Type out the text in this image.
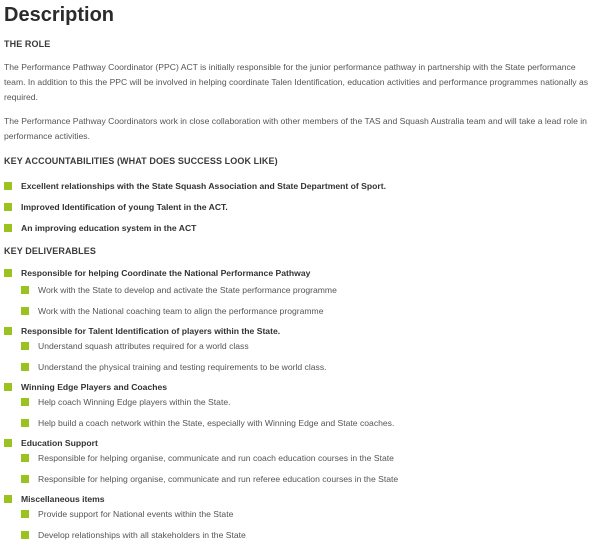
Description
THE ROLE

The Performance Pathway Coordinator (PPC) ACT is initially responsible for the junior performance pathway in partnership with the State performance team. In addition to this the PPC will be involved in helping coordinate Talen Identification, education activities and performance programmes nationally as required.

The Performance Pathway Coordinators work in close collaboration with other members of the TAS and Squash Australia team and will take a lead role in performance activities.

KEY ACCOUNTABILITIES (WHAT DOES SUCCESS LOOK LIKE)
Excellent relationships with the State Squash Association and State Department of Sport.
Improved Identification of young Talent in the ACT.
An improving education system in the ACT
KEY DELIVERABLES
Responsible for helping Coordinate the National Performance Pathway
Work with the State to develop and activate the State performance programme
Work with the National coaching team to align the performance programme
Responsible for Talent Identification of players within the State.
Understand squash attributes required for a world class
Understand the physical training and testing requirements to be world class.
Winning Edge Players and Coaches
Help coach Winning Edge players within the State.
Help build a coach network within the State, especially with Winning Edge and State coaches.
Education Support
Responsible for helping organise, communicate and run coach education courses in the State
Responsible for helping organise, communicate and run referee education courses in the State
Miscellaneous items
Provide support for National events within the State
Develop relationships with all stakeholders in the State
